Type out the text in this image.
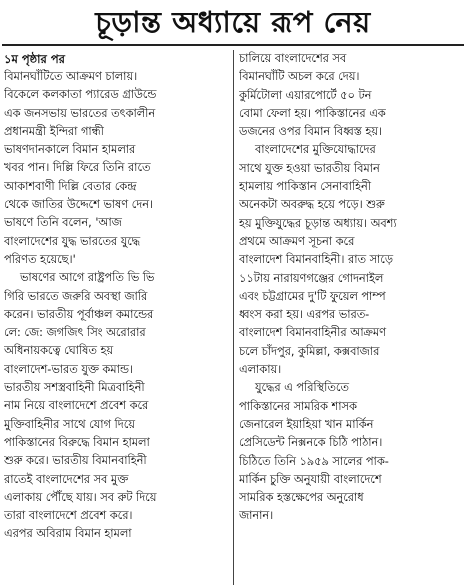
চূড়ান্ত অধ্যায়ে রূপ নেয়
১ম পৃষ্ঠার পর

বিমানঘাঁটিতে আক্রমণ চালায়।
বিকেলে কলকাতা প্যারেড গ্রাউন্ডে
এক জনসভায় ভারতের তৎকালীন
প্রধানমন্ত্রী ইন্দিরা গান্ধী
ভাষণদানকালে বিমান হামলার
খবর পান। দিল্লি ফিরে তিনি রাতে
আকাশবাণী দিল্লি বেতার কেন্দ্র
থেকে জাতির উদ্দেশে ভাষণ দেন।
ভাষণে তিনি বলেন, 'আজ
বাংলাদেশের যুদ্ধ ভারতের যুদ্ধে
পরিণত হয়েছে।'

ভাষণের আগে রাষ্ট্রপতি ভি ভি
গিরি ভারতে জরুরি অবস্থা জারি
করেন। ভারতীয় পূর্বাঞ্চল কমান্ডের
লে: জে: জগজিৎ সিং অরোরার
অধিনায়কত্বে ঘোষিত হয়
বাংলাদেশ-ভারত যুক্ত কমান্ড।
ভারতীয় সশস্ত্রবাহিনী মিত্রবাহিনী
নাম নিয়ে বাংলাদেশে প্রবেশ করে
মুক্তিবাহিনীর সাথে যোগ দিয়ে
পাকিস্তানের বিরুদ্ধে বিমান হামলা
শুরু করে। ভারতীয় বিমানবাহিনী
রাতেই বাংলাদেশের সব মুক্ত
এলাকায় পৌঁছে যায়। সব রুট দিয়ে
তারা বাংলাদেশে প্রবেশ করে।
এরপর অবিরাম বিমান হামলা

চালিয়ে বাংলাদেশের সব
বিমানঘাঁটি অচল করে দেয়।
কুর্মিটোলা এয়ারপোর্টে ৫০ টন
বোমা ফেলা হয়। পাকিস্তানের এক
ডজনের ওপর বিমান বিধ্বস্ত হয়।

বাংলাদেশের মুক্তিযোদ্ধাদের
সাথে যুক্ত হওয়া ভারতীয় বিমান
হামলায় পাকিস্তান সেনাবাহিনী
অনেকটা অবরুদ্ধ হয়ে পড়ে। শুরু
হয় মুক্তিযুদ্ধের চূড়ান্ত অধ্যায়। অবশ্য
প্রথমে আক্রমণ সূচনা করে
বাংলাদেশ বিমানবাহিনী। রাত সাড়ে
১১টায় নারায়ণগঞ্জের গোদনাইল
এবং চট্টগ্রামের দু'টি ফুয়েল পাম্প
ধ্বংস করা হয়। এরপর ভারত-
বাংলাদেশ বিমানবাহিনীর আক্রমণ
চলে চাঁদপুর, কুমিল্লা, কক্সবাজার
এলাকায়।

যুদ্ধের এ পরিস্থিতিতে
পাকিস্তানের সামরিক শাসক
জেনারেল ইয়াহিয়া খান মার্কিন
প্রেসিডেন্ট নিক্সনকে চিঠি পাঠান।
চিঠিতে তিনি ১৯৫৯ সালের পাক-
মার্কিন চুক্তি অনুযায়ী বাংলাদেশে
সামরিক হস্তক্ষেপের অনুরোধ
জানান।
